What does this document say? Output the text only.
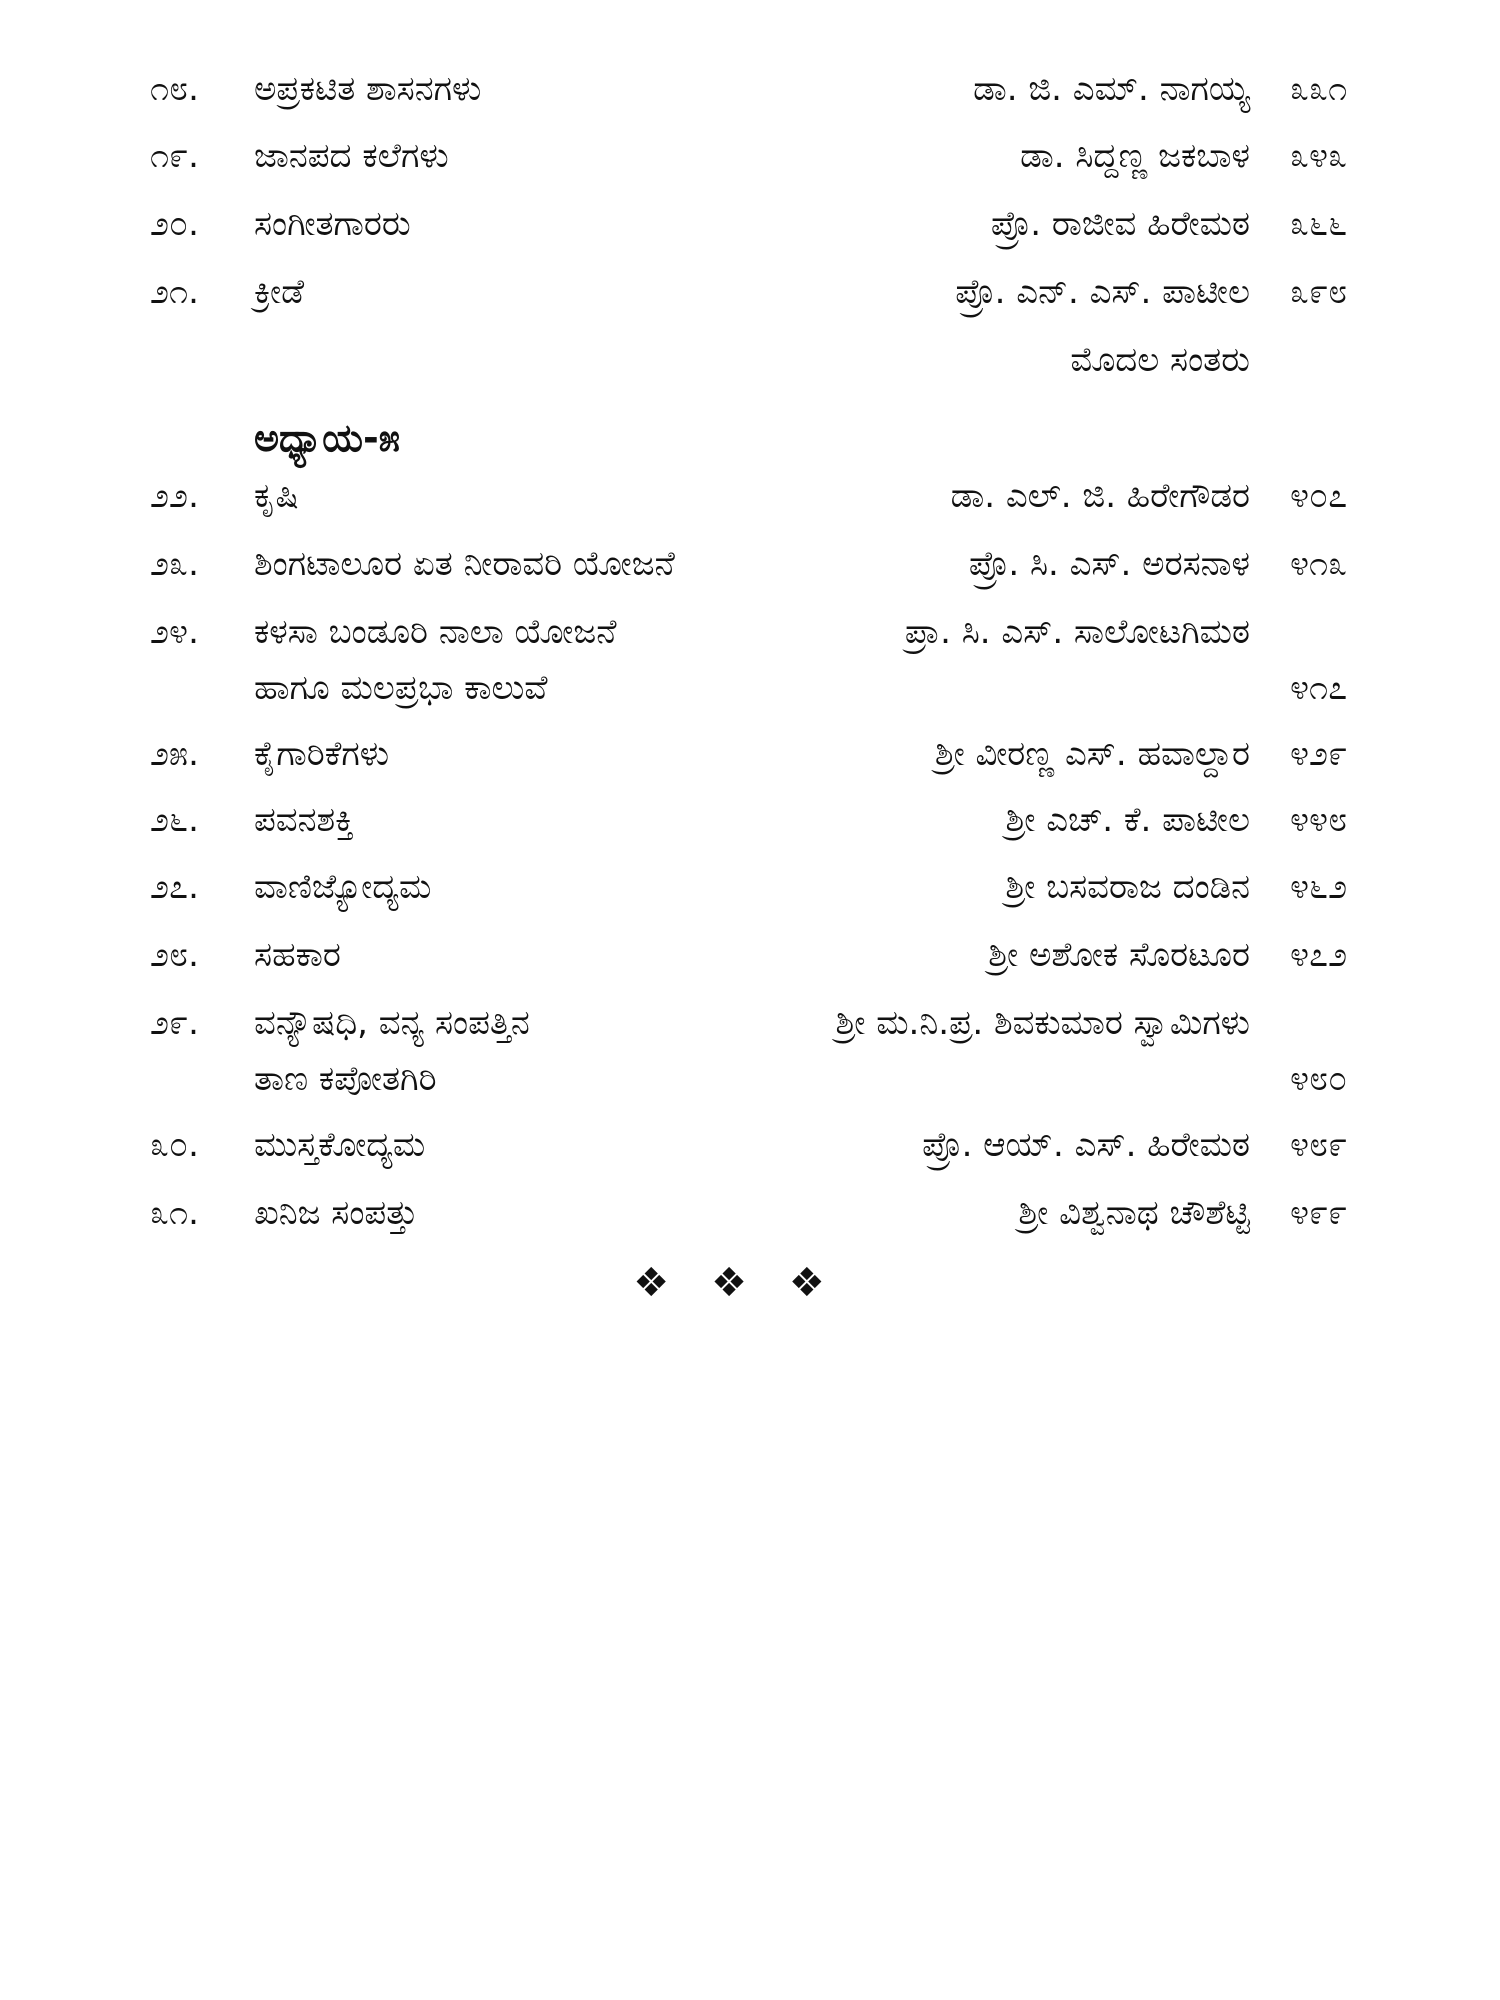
೧೮.	ಅಪ್ರಕಟಿತ ಶಾಸನಗಳು	ಡಾ. ಜಿ. ಎಮ್. ನಾಗಯ್ಯ ೩೩೧
೧೯.	ಜಾನಪದ ಕಲೆಗಳು	ಡಾ. ಸಿದ್ದಣ್ಣ ಜಕಬಾಳ ೩೪೩
೨೦.	ಸಂಗೀತಗಾರರು	ಪ್ರೊ. ರಾಜೀವ ಹಿರೇಮಠ ೩೬೬
೨೧.	ಕ್ರೀಡೆ	ಪ್ರೊ. ಎನ್. ಎಸ್. ಪಾಟೀಲ ೩೯೮
ಮೊದಲ ಸಂತರು
ಅಧ್ಯಾಯ-೫
೨೨.	ಕೃಷಿ	ಡಾ. ಎಲ್. ಜಿ. ಹಿರೇಗೌಡರ ೪೦೭
೨೩.	ಶಿಂಗಟಾಲೂರ ಏತ ನೀರಾವರಿ ಯೋಜನೆ	ಪ್ರೊ. ಸಿ. ಎಸ್. ಅರಸನಾಳ ೪೧೩
೨೪.	ಕಳಸಾ ಬಂಡೂರಿ ನಾಲಾ ಯೋಜನೆ	ಪ್ರಾ. ಸಿ. ಎಸ್. ಸಾಲೋಟಗಿಮಠ
ಹಾಗೂ ಮಲಪ್ರಭಾ ಕಾಲುವೆ	೪೧೭
೨೫.	ಕೈಗಾರಿಕೆಗಳು	ಶ್ರೀ ವೀರಣ್ಣ ಎಸ್. ಹವಾಲ್ದಾರ ೪೨೯
೨೬.	ಪವನಶಕ್ತಿ	ಶ್ರೀ ಎಚ್. ಕೆ. ಪಾಟೀಲ ೪೪೮
೨೭.	ವಾಣಿಜ್ಯೋದ್ಯಮ	ಶ್ರೀ ಬಸವರಾಜ ದಂಡಿನ ೪೬೨
೨೮.	ಸಹಕಾರ	ಶ್ರೀ ಅಶೋಕ ಸೊರಟೂರ ೪೭೨
೨೯.	ವನ್ಯೌಷಧಿ, ವನ್ಯ ಸಂಪತ್ತಿನ	ಶ್ರೀ ಮ.ನಿ.ಪ್ರ. ಶಿವಕುಮಾರ ಸ್ವಾಮಿಗಳು
ತಾಣ ಕಪೋತಗಿರಿ	೪೮೦
೩೦.	ಮುಸ್ತಕೋದ್ಯಮ	ಪ್ರೊ. ಆಯ್. ಎಸ್. ಹಿರೇಮಠ ೪೮೯
೩೧.	ಖನಿಜ ಸಂಪತ್ತು	ಶ್ರೀ ವಿಶ್ವನಾಥ ಚೌಶೆಟ್ಟಿ ೪೯೯
❖❖❖
